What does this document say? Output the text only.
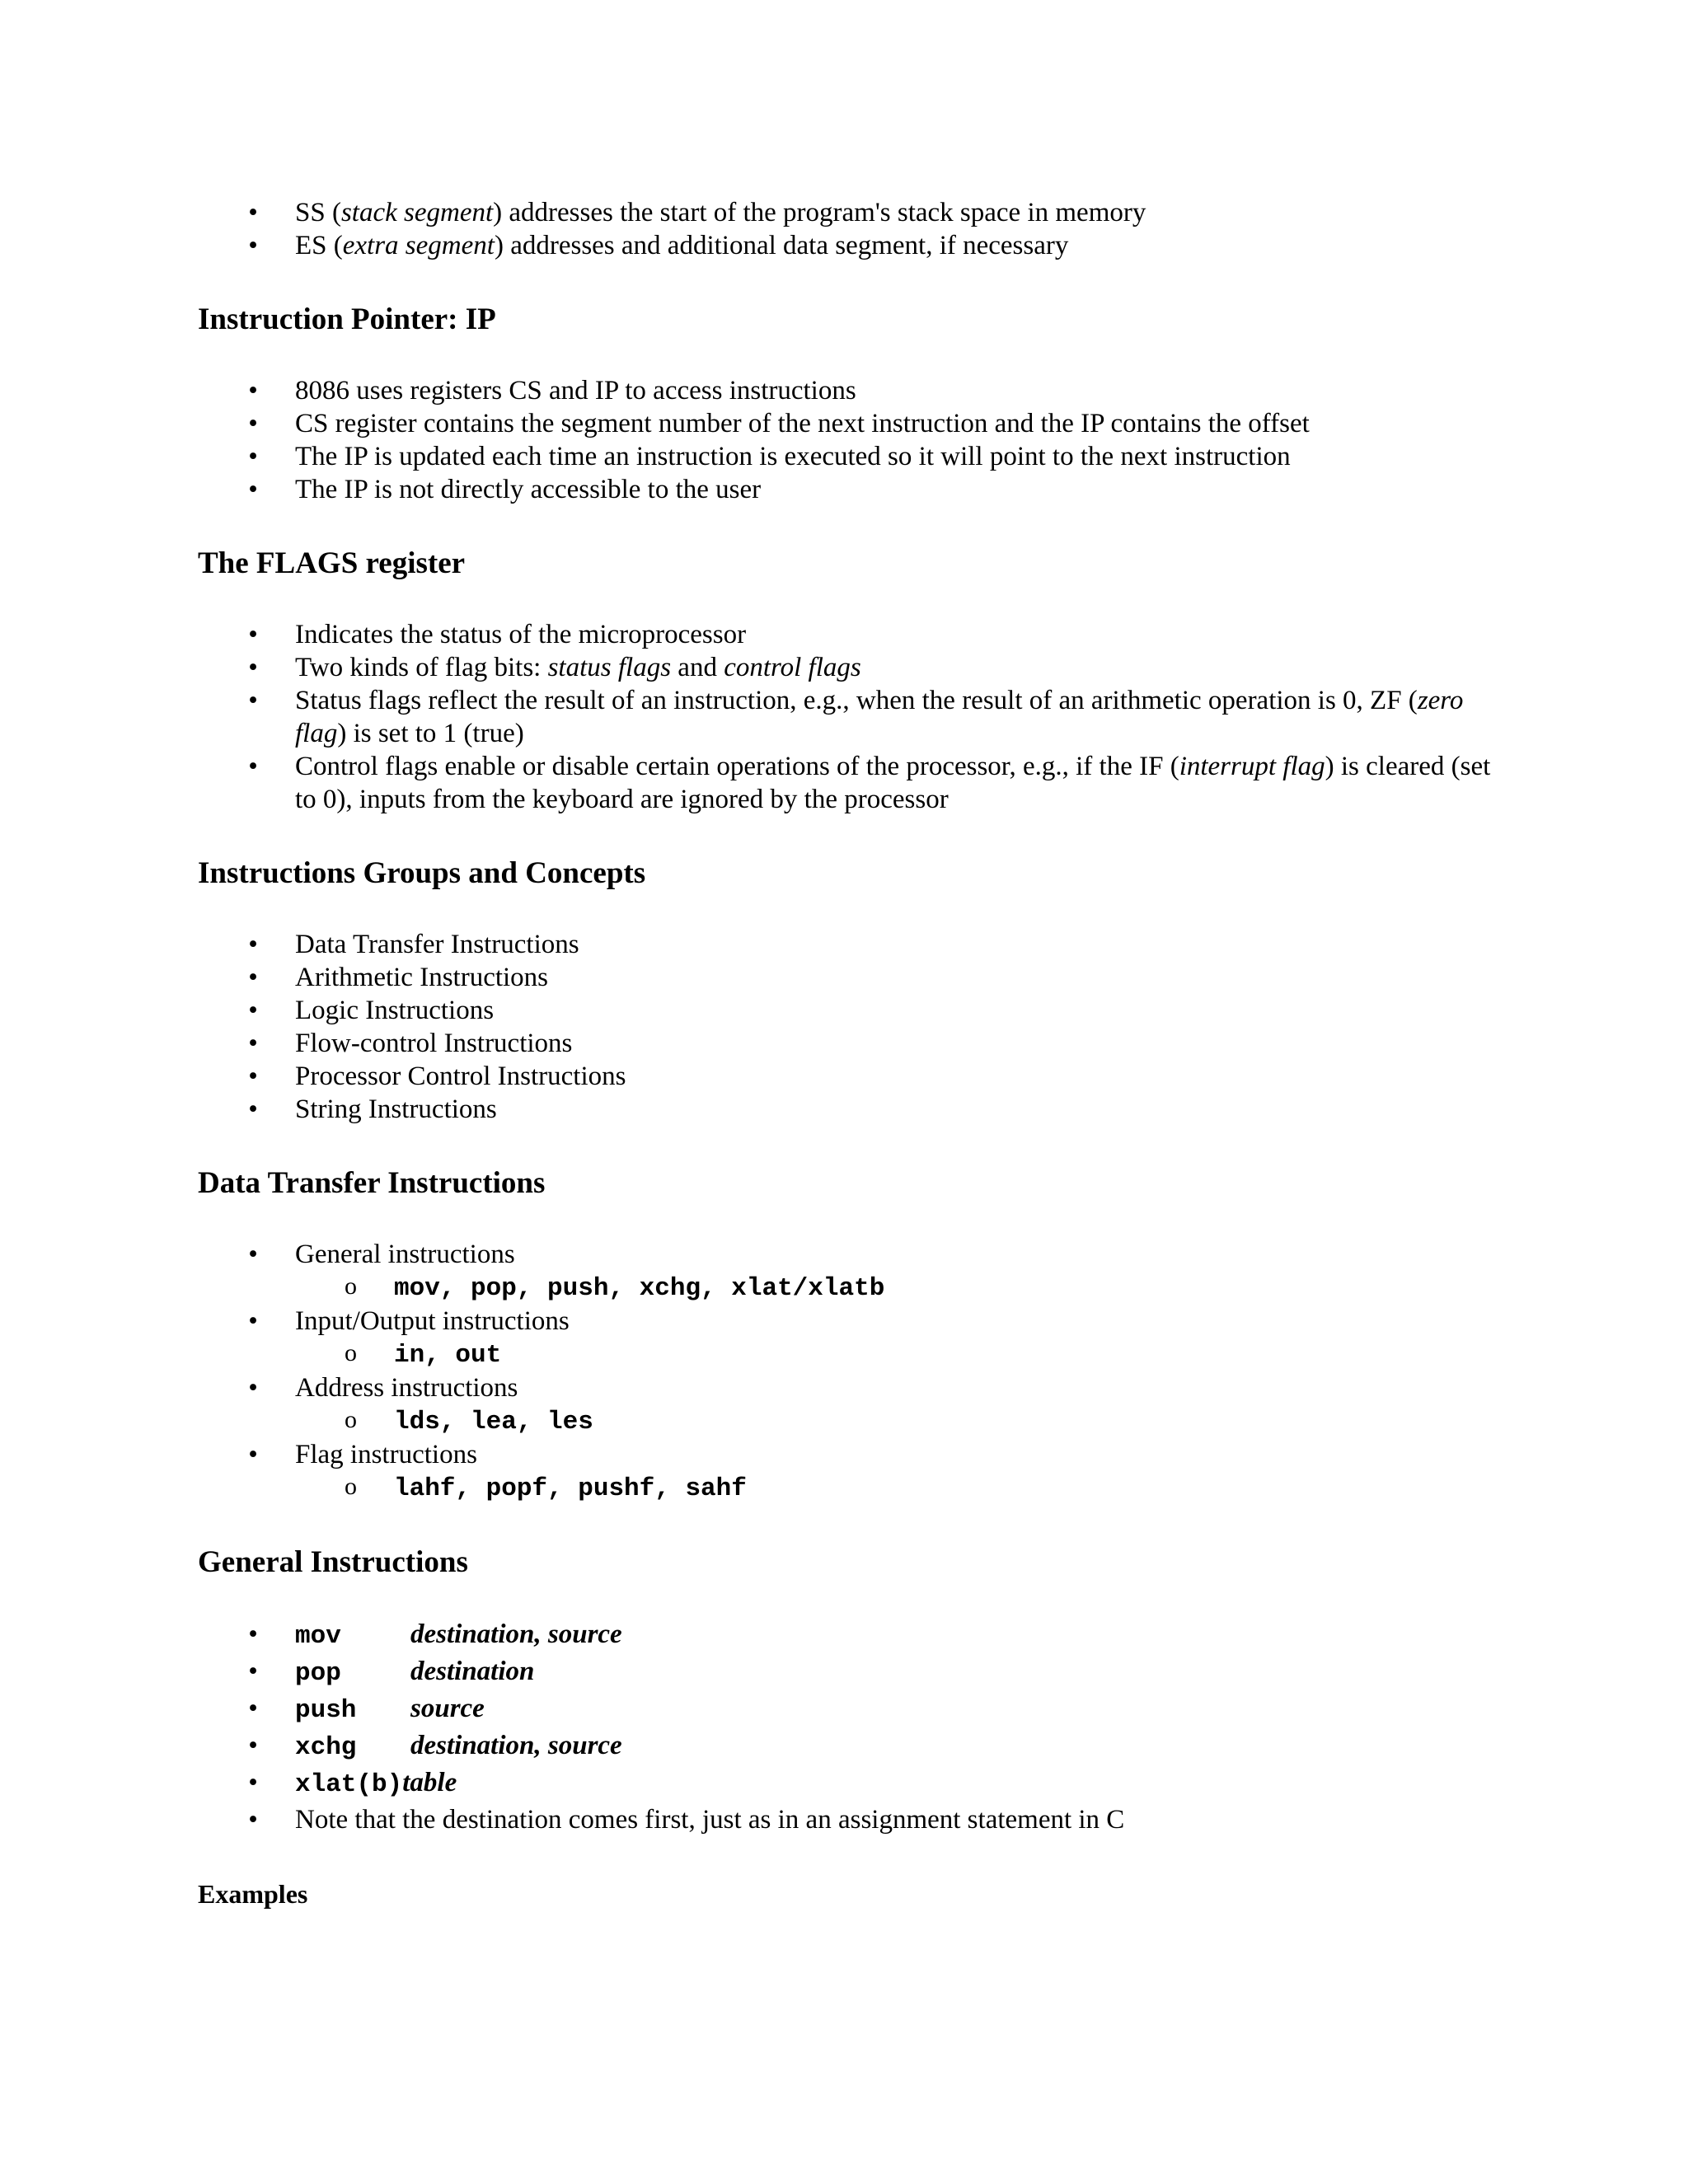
• SS (stack segment) addresses the start of the program's stack space in memory
• ES (extra segment) addresses and additional data segment, if necessary
Instruction Pointer: IP
• 8086 uses registers CS and IP to access instructions
• CS register contains the segment number of the next instruction and the IP contains the offset
• The IP is updated each time an instruction is executed so it will point to the next instruction
• The IP is not directly accessible to the user
The FLAGS register
• Indicates the status of the microprocessor
• Two kinds of flag bits: status flags and control flags
• Status flags reflect the result of an instruction, e.g., when the result of an arithmetic operation is 0, ZF (zero flag) is set to 1 (true)
• Control flags enable or disable certain operations of the processor, e.g., if the IF (interrupt flag) is cleared (set to 0), inputs from the keyboard are ignored by the processor
Instructions Groups and Concepts
• Data Transfer Instructions
• Arithmetic Instructions
• Logic Instructions
• Flow-control Instructions
• Processor Control Instructions
• String Instructions
Data Transfer Instructions
• General instructions
o mov, pop, push, xchg, xlat/xlatb
• Input/Output instructions
o in, out
• Address instructions
o lds, lea, les
• Flag instructions
o lahf, popf, pushf, sahf
General Instructions
• mov	destination, source
• pop	destination
• push source
• xchg destination, source
• xlat(b)table
• Note that the destination comes first, just as in an assignment statement in C
Examples
